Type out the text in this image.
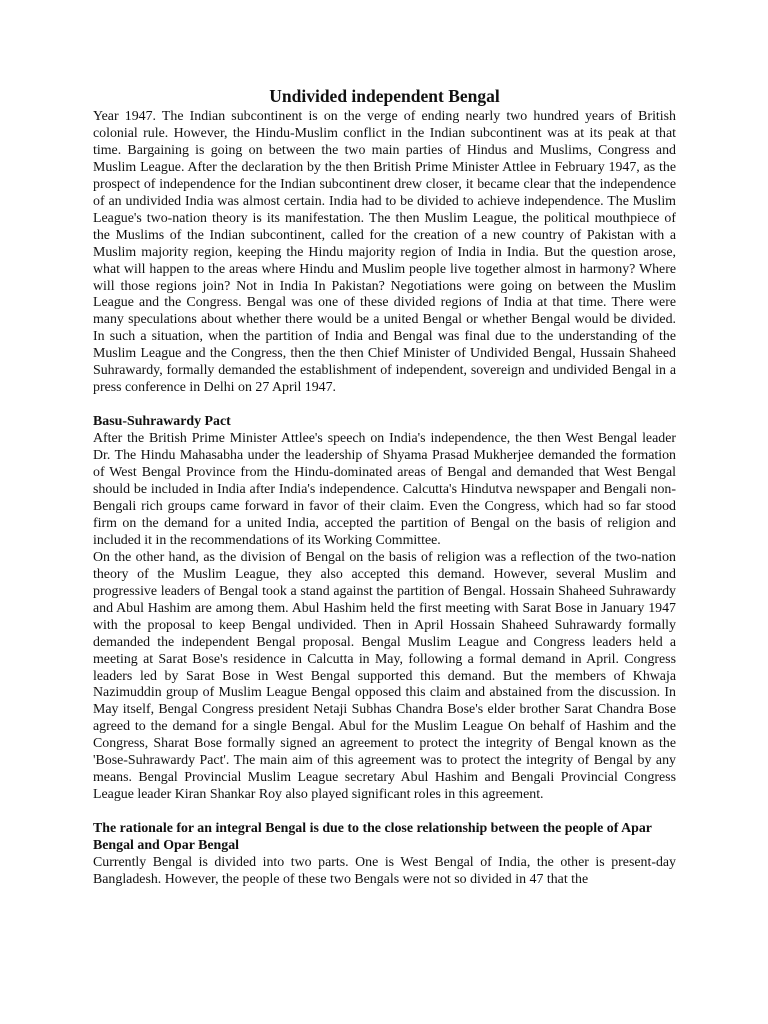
Undivided independent Bengal

Year 1947. The Indian subcontinent is on the verge of ending nearly two hundred years of British colonial rule. However, the Hindu-Muslim conflict in the Indian subcontinent was at its peak at that time. Bargaining is going on between the two main parties of Hindus and Muslims, Congress and Muslim League. After the declaration by the then British Prime Minister Attlee in February 1947, as the prospect of independence for the Indian subcontinent drew closer, it became clear that the independence of an undivided India was almost certain. India had to be divided to achieve independence. The Muslim League's two-nation theory is its manifestation. The then Muslim League, the political mouthpiece of the Muslims of the Indian subcontinent, called for the creation of a new country of Pakistan with a Muslim majority region, keeping the Hindu majority region of India in India. But the question arose, what will happen to the areas where Hindu and Muslim people live together almost in harmony? Where will those regions join? Not in India In Pakistan? Negotiations were going on between the Muslim League and the Congress. Bengal was one of these divided regions of India at that time. There were many speculations about whether there would be a united Bengal or whether Bengal would be divided. In such a situation, when the partition of India and Bengal was final due to the understanding of the Muslim League and the Congress, then the then Chief Minister of Undivided Bengal, Hussain Shaheed Suhrawardy, formally demanded the establishment of independent, sovereign and undivided Bengal in a press conference in Delhi on 27 April 1947.

Basu-Suhrawardy Pact

After the British Prime Minister Attlee's speech on India's independence, the then West Bengal leader Dr. The Hindu Mahasabha under the leadership of Shyama Prasad Mukherjee demanded the formation of West Bengal Province from the Hindu-dominated areas of Bengal and demanded that West Bengal should be included in India after India's independence. Calcutta's Hindutva newspaper and Bengali non-Bengali rich groups came forward in favor of their claim. Even the Congress, which had so far stood firm on the demand for a united India, accepted the partition of Bengal on the basis of religion and included it in the recommendations of its Working Committee.

On the other hand, as the division of Bengal on the basis of religion was a reflection of the two-nation theory of the Muslim League, they also accepted this demand. However, several Muslim and progressive leaders of Bengal took a stand against the partition of Bengal. Hossain Shaheed Suhrawardy and Abul Hashim are among them. Abul Hashim held the first meeting with Sarat Bose in January 1947 with the proposal to keep Bengal undivided. Then in April Hossain Shaheed Suhrawardy formally demanded the independent Bengal proposal. Bengal Muslim League and Congress leaders held a meeting at Sarat Bose's residence in Calcutta in May, following a formal demand in April. Congress leaders led by Sarat Bose in West Bengal supported this demand. But the members of Khwaja Nazimuddin group of Muslim League Bengal opposed this claim and abstained from the discussion. In May itself, Bengal Congress president Netaji Subhas Chandra Bose's elder brother Sarat Chandra Bose agreed to the demand for a single Bengal. Abul for the Muslim League On behalf of Hashim and the Congress, Sharat Bose formally signed an agreement to protect the integrity of Bengal known as the 'Bose-Suhrawardy Pact'. The main aim of this agreement was to protect the integrity of Bengal by any means. Bengal Provincial Muslim League secretary Abul Hashim and Bengali Provincial Congress League leader Kiran Shankar Roy also played significant roles in this agreement.

The rationale for an integral Bengal is due to the close relationship between the people of Apar Bengal and Opar Bengal

Currently Bengal is divided into two parts. One is West Bengal of India, the other is present-day Bangladesh. However, the people of these two Bengals were not so divided in 47 that the
